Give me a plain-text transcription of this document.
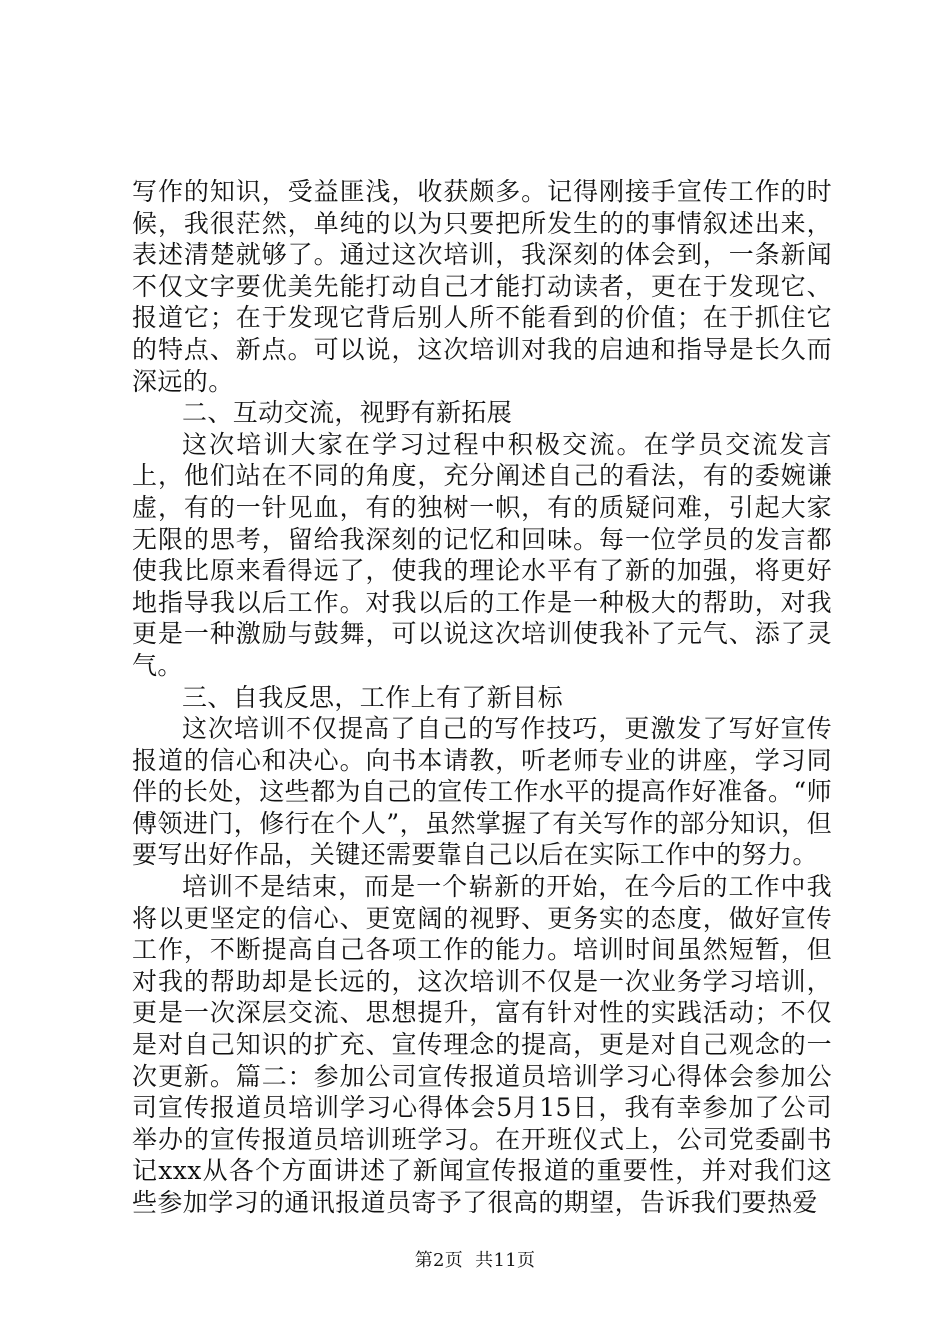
写作的知识，受益匪浅，收获颇多。记得刚接手宣传工作的时候，我很茫然，单纯的以为只要把所发生的的事情叙述出来，表述清楚就够了。通过这次培训，我深刻的体会到，一条新闻不仅文字要优美先能打动自己才能打动读者，更在于发现它、报道它；在于发现它背后别人所不能看到的价值；在于抓住它的特点、新点。可以说，这次培训对我的启迪和指导是长久而深远的。

二、互动交流，视野有新拓展

这次培训大家在学习过程中积极交流。在学员交流发言上，他们站在不同的角度，充分阐述自己的看法，有的委婉谦虚，有的一针见血，有的独树一帜，有的质疑问难，引起大家无限的思考，留给我深刻的记忆和回味。每一位学员的发言都使我比原来看得远了，使我的理论水平有了新的加强，将更好地指导我以后工作。对我以后的工作是一种极大的帮助，对我更是一种激励与鼓舞，可以说这次培训使我补了元气、添了灵气。

三、自我反思，工作上有了新目标

这次培训不仅提高了自己的写作技巧，更激发了写好宣传报道的信心和决心。向书本请教，听老师专业的讲座，学习同伴的长处，这些都为自己的宣传工作水平的提高作好准备。“师傅领进门，修行在个人”，虽然掌握了有关写作的部分知识，但要写出好作品，关键还需要靠自己以后在实际工作中的努力。

培训不是结束，而是一个崭新的开始，在今后的工作中我将以更坚定的信心、更宽阔的视野、更务实的态度，做好宣传工作，不断提高自己各项工作的能力。培训时间虽然短暂，但对我的帮助却是长远的，这次培训不仅是一次业务学习培训，更是一次深层交流、思想提升，富有针对性的实践活动；不仅是对自己知识的扩充、宣传理念的提高，更是对自己观念的一次更新。篇二：参加公司宣传报道员培训学习心得体会参加公司宣传报道员培训学习心得体会5月15日，我有幸参加了公司举办的宣传报道员培训班学习。在开班仪式上，公司党委副书记xxx从各个方面讲述了新闻宣传报道的重要性，并对我们这些参加学习的通讯报道员寄予了很高的期望，告诉我们要热爱

第2页 共11页
